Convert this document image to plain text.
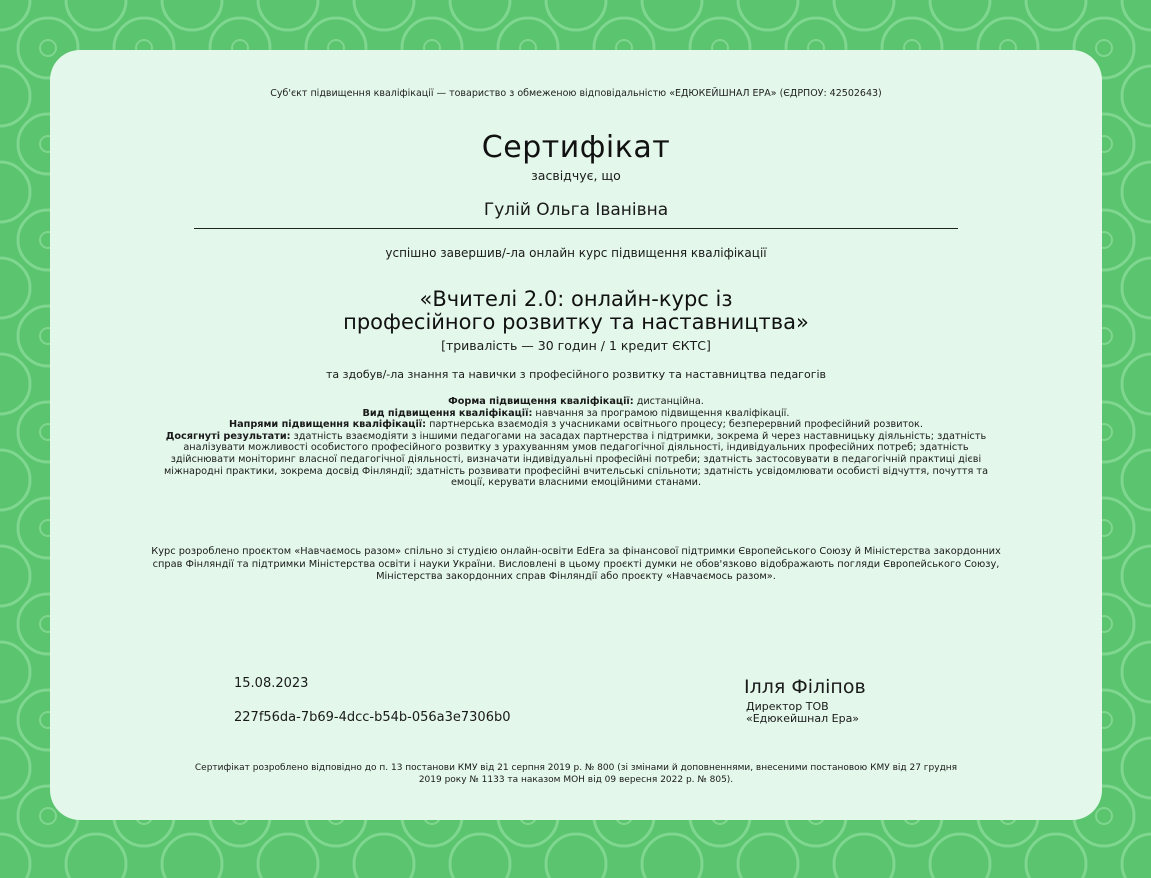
Суб'єкт підвищення кваліфікації — товариство з обмеженою відповідальністю «ЕДЮКЕЙШНАЛ ЕРА» (ЄДРПОУ: 42502643)
Сертифікат
засвідчує, що
Гулій Ольга Іванівна
успішно завершив/-ла онлайн курс підвищення кваліфікації
«Вчителі 2.0: онлайн-курс із
професійного розвитку та наставництва»
[тривалість — 30 годин / 1 кредит ЄКТС]
та здобув/-ла знання та навички з професійного розвитку та наставництва педагогів
Форма підвищення кваліфікації: дистанційна.
Вид підвищення кваліфікації: навчання за програмою підвищення кваліфікації.
Напрями підвищення кваліфікації: партнерська взаємодія з учасниками освітнього процесу; безперервний професійний розвиток.
Досягнуті результати: здатність взаємодіяти з іншими педагогами на засадах партнерства і підтримки, зокрема й через наставницьку діяльність; здатність аналізувати можливості особистого професійного розвитку з урахуванням умов педагогічної діяльності, індивідуальних професійних потреб; здатність здійснювати моніторинг власної педагогічної діяльності, визначати індивідуальні професійні потреби; здатність застосовувати в педагогічній практиці дієві міжнародні практики, зокрема досвід Фінляндії; здатність розвивати професійні вчительські спільноти; здатність усвідомлювати особисті відчуття, почуття та емоції, керувати власними емоційними станами.
Курс розроблено проєктом «Навчаємось разом» спільно зі студією онлайн-освіти EdEra за фінансової підтримки Європейського Союзу й Міністерства закордонних справ Фінляндії та підтримки Міністерства освіти і науки України. Висловлені в цьому проєкті думки не обов'язково відображають погляди Європейського Союзу, Міністерства закордонних справ Фінляндії або проєкту «Навчаємось разом».
15.08.2023
227f56da-7b69-4dcc-b54b-056a3e7306b0
Ілля Філіпов
Директор ТОВ
«Едюкейшнал Ера»
Сертифікат розроблено відповідно до п. 13 постанови КМУ від 21 серпня 2019 р. № 800 (зі змінами й доповненнями, внесеними постановою КМУ від 27 грудня 2019 року № 1133 та наказом МОН від 09 вересня 2022 р. № 805).
